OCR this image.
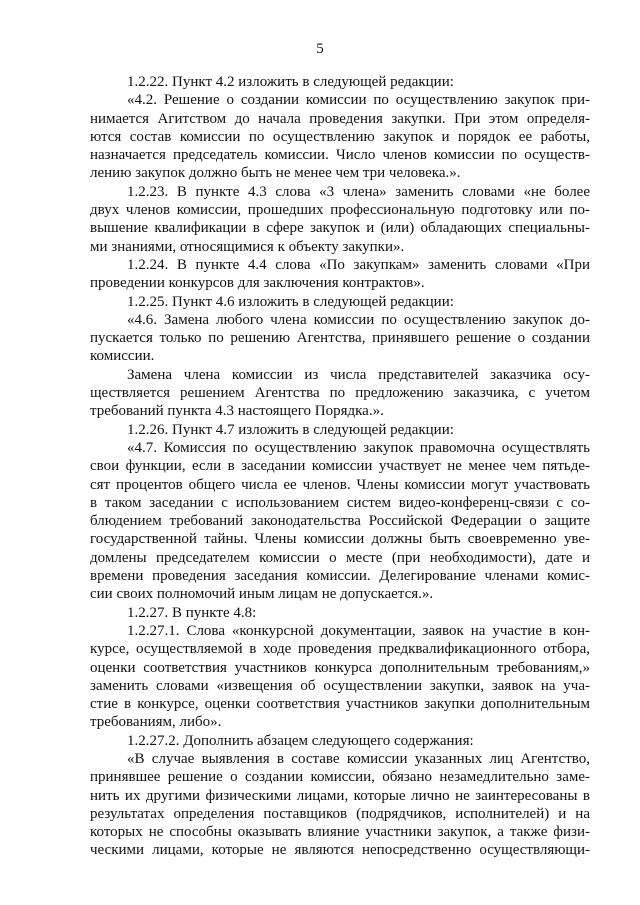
5
1.2.22. Пункт 4.2 изложить в следующей редакции:
«4.2. Решение о создании комиссии по осуществлению закупок при-
нимается Агитством до начала проведения закупки. При этом определя-
ются состав комиссии по осуществлению закупок и порядок ее работы,
назначается председатель комиссии. Число членов комиссии по осуществ-
лению закупок должно быть не менее чем три человека.».
1.2.23. В пункте 4.3 слова «3 члена» заменить словами «не более
двух членов комиссии, прошедших профессиональную подготовку или по-
вышение квалификации в сфере закупок и (или) обладающих специальны-
ми знаниями, относящимися к объекту закупки».
1.2.24. В пункте 4.4 слова «По закупкам» заменить словами «При
проведении конкурсов для заключения контрактов».
1.2.25. Пункт 4.6 изложить в следующей редакции:
«4.6. Замена любого члена комиссии по осуществлению закупок до-
пускается только по решению Агентства, принявшего решение о создании
комиссии.
Замена члена комиссии из числа представителей заказчика осу-
ществляется решением Агентства по предложению заказчика, с учетом
требований пункта 4.3 настоящего Порядка.».
1.2.26. Пункт 4.7 изложить в следующей редакции:
«4.7. Комиссия по осуществлению закупок правомочна осуществлять
свои функции, если в заседании комиссии участвует не менее чем пятьде-
сят процентов общего числа ее членов. Члены комиссии могут участвовать
в таком заседании с использованием систем видео-конференц-связи с со-
блюдением требований законодательства Российской Федерации о защите
государственной тайны. Члены комиссии должны быть своевременно уве-
домлены председателем комиссии о месте (при необходимости), дате и
времени проведения заседания комиссии. Делегирование членами комис-
сии своих полномочий иным лицам не допускается.».
1.2.27. В пункте 4.8:
1.2.27.1. Слова «конкурсной документации, заявок на участие в кон-
курсе, осуществляемой в ходе проведения предквалификационного отбора,
оценки соответствия участников конкурса дополнительным требованиям,»
заменить словами «извещения об осуществлении закупки, заявок на уча-
стие в конкурсе, оценки соответствия участников закупки дополнительным
требованиям, либо».
1.2.27.2. Дополнить абзацем следующего содержания:
«В случае выявления в составе комиссии указанных лиц Агентство,
принявшее решение о создании комиссии, обязано незамедлительно заме-
нить их другими физическими лицами, которые лично не заинтересованы в
результатах определения поставщиков (подрядчиков, исполнителей) и на
которых не способны оказывать влияние участники закупок, а также физи-
ческими лицами, которые не являются непосредственно осуществляющи-
